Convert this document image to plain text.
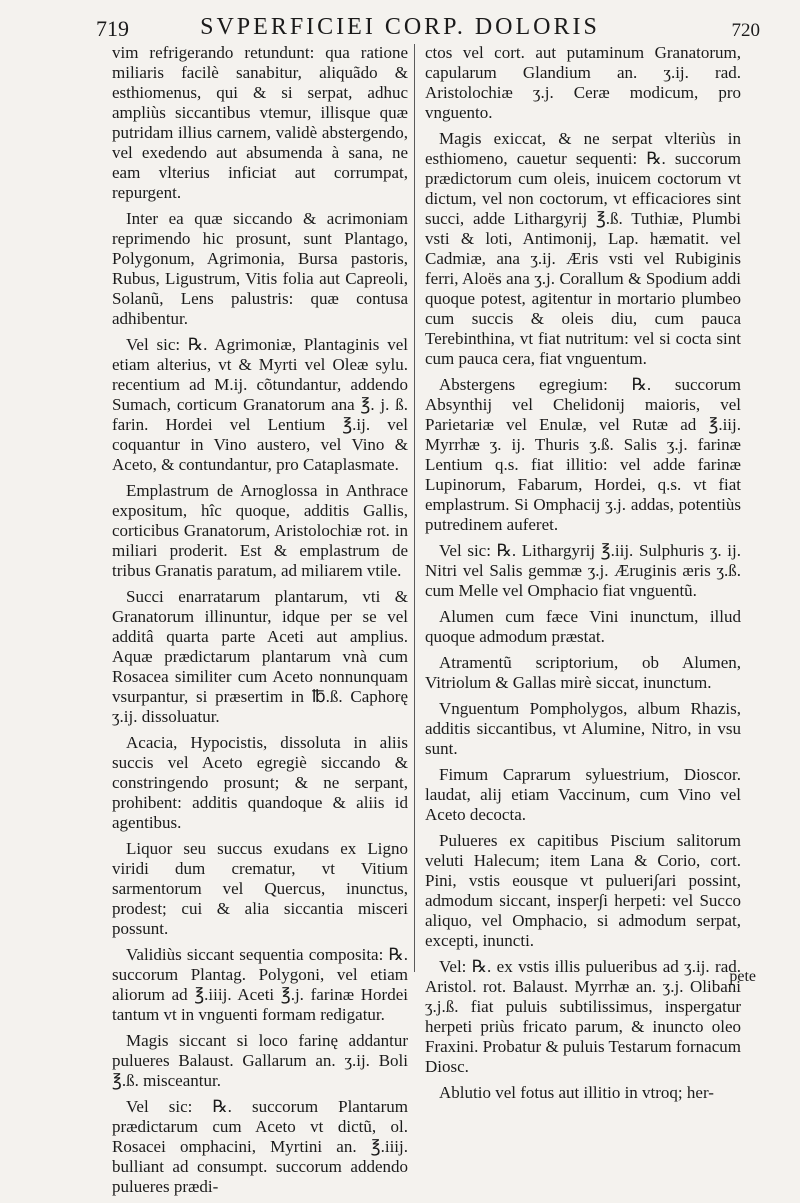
719	SVPERFICIEI CORP. DOLORIS	720

vim refrigerando retundunt: qua ratione miliaris facilè sanabitur, aliquãdo & esthiomenus, qui & si serpat, adhuc ampliùs siccantibus vtemur, illisque quæ putridam illius carnem, validè abstergendo, vel exedendo aut absumenda à sana, ne eam vlterius inficiat aut corrumpat, repurgent.

Inter ea quæ siccando & acrimoniam reprimendo hic prosunt, sunt Plantago, Polygonum, Agrimonia, Bursa pastoris, Rubus, Ligustrum, Vitis folia aut Capreoli, Solanũ, Lens palustris: quæ contusa adhibentur.

Vel sic: ℞. Agrimoniæ, Plantaginis vel etiam alterius, vt & Myrti vel Oleæ sylu. recentium ad M.ij. cõtundantur, addendo Sumach, corticum Granatorum ana ℥. j. ß. farin. Hordei vel Lentium ℥.ij. vel coquantur in Vino austero, vel Vino & Aceto, & contundantur, pro Cataplasmate.

Emplastrum de Arnoglossa in Anthrace expositum, hîc quoque, additis Gallis, corticibus Granatorum, Aristolochiæ rot. in miliari proderit. Est & emplastrum de tribus Granatis paratum, ad miliarem vtile.

Succi enarratarum plantarum, vti & Granatorum illinuntur, idque per se vel additâ quarta parte Aceti aut amplius. Aquæ prædictarum plantarum vnà cum Rosacea similiter cum Aceto nonnunquam vsurpantur, si præsertim in ℔.ß. Caphorę ʒ.ij. dissoluatur.

Acacia, Hypocistis, dissoluta in aliis succis vel Aceto egregiè siccando & constringendo prosunt; & ne serpant, prohibent: additis quandoque & aliis id agentibus.

Liquor seu succus exudans ex Ligno viridi dum crematur, vt Vitium sarmentorum vel Quercus, inunctus, prodest; cui & alia siccantia misceri possunt.

Validiùs siccant sequentia composita: ℞. succorum Plantag. Polygoni, vel etiam aliorum ad ℥.iiij. Aceti ℥.j. farinæ Hordei tantum vt in vnguenti formam redigatur.

Magis siccant si loco farinę addantur pulueres Balaust. Gallarum an. ʒ.ij. Boli ℥.ß. misceantur.

Vel sic: ℞. succorum Plantarum prædictarum cum Aceto vt dictũ, ol. Rosacei omphacini, Myrtini an. ℥.iiij. bulliant ad consumpt. succorum addendo pulueres prædi-

ctos vel cort. aut putaminum Granatorum, capularum Glandium an. ʒ.ij. rad. Aristolochiæ ʒ.j. Ceræ modicum, pro vnguento.

Magis exiccat, & ne serpat vlteriùs in esthiomeno, cauetur sequenti: ℞. succorum prædictorum cum oleis, inuicem coctorum vt dictum, vel non coctorum, vt efficaciores sint succi, adde Lithargyrij ℥.ß. Tuthiæ, Plumbi vsti & loti, Antimonij, Lap. hæmatit. vel Cadmiæ, ana ʒ.ij. Æris vsti vel Rubiginis ferri, Aloës ana ʒ.j. Corallum & Spodium addi quoque potest, agitentur in mortario plumbeo cum succis & oleis diu, cum pauca Terebinthina, vt fiat nutritum: vel si cocta sint cum pauca cera, fiat vnguentum.

Abstergens egregium: ℞. succorum Absynthij vel Chelidonij maioris, vel Parietariæ vel Enulæ, vel Rutæ ad ℥.iij. Myrrhæ ʒ. ij. Thuris ʒ.ß. Salis ʒ.j. farinæ Lentium q.s. fiat illitio: vel adde farinæ Lupinorum, Fabarum, Hordei, q.s. vt fiat emplastrum. Si Omphacij ʒ.j. addas, potentiùs putredinem auferet.

Vel sic: ℞. Lithargyrij ℥.iij. Sulphuris ʒ. ij. Nitri vel Salis gemmæ ʒ.j. Æruginis æris ʒ.ß. cum Melle vel Omphacio fiat vnguentũ.

Alumen cum fæce Vini inunctum, illud quoque admodum præstat.

Atramentũ scriptorium, ob Alumen, Vitriolum & Gallas mirè siccat, inunctum.

Vnguentum Pompholygos, album Rhazis, additis siccantibus, vt Alumine, Nitro, in vsu sunt.

Fimum Caprarum syluestrium, Dioscor. laudat, alij etiam Vaccinum, cum Vino vel Aceto decocta.

Pulueres ex capitibus Piscium salitorum veluti Halecum; item Lana & Corio, cort. Pini, vstis eousque vt pulueri∫ari possint, admodum siccant, insper∫i herpeti: vel Succo aliquo, vel Omphacio, si admodum serpat, excepti, inuncti.

Vel: ℞. ex vstis illis pulueribus ad ʒ.ij. rad. Aristol. rot. Balaust. Myrrhæ an. ʒ.j. Olibani ʒ.j.ß. fiat puluis subtilissimus, inspergatur herpeti priùs fricato parum, & inuncto oleo Fraxini. Probatur & puluis Testarum fornacum Diosc.

Ablutio vel fotus aut illitio in vtroq; her-

pete
